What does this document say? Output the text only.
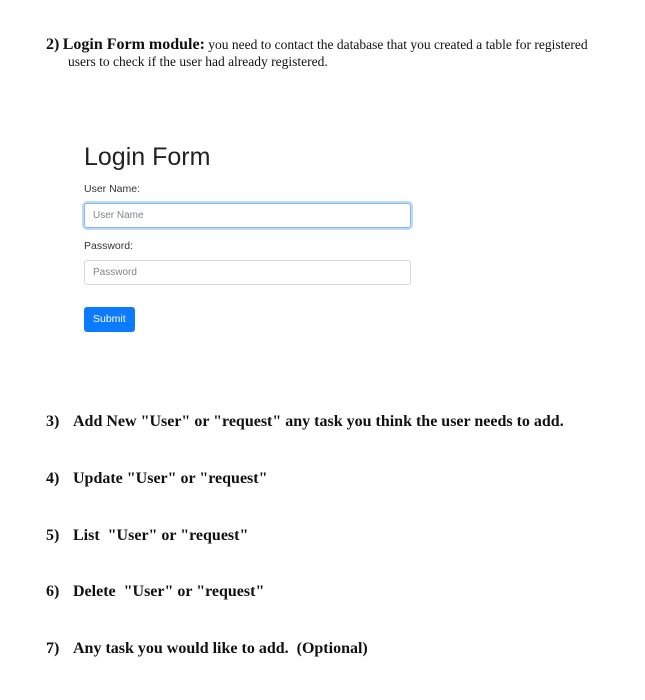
2) Login Form module: you need to contact the database that you created a table for registered
users to check if the user had already registered.
Login Form
User Name:
User Name
Password:
Submit
3) Add New "User" or "request" any task you think the user needs to add.
4) Update "User" or "request"
5) List  "User" or "request"
6) Delete  "User" or "request"
7) Any task you would like to add.  (Optional)
